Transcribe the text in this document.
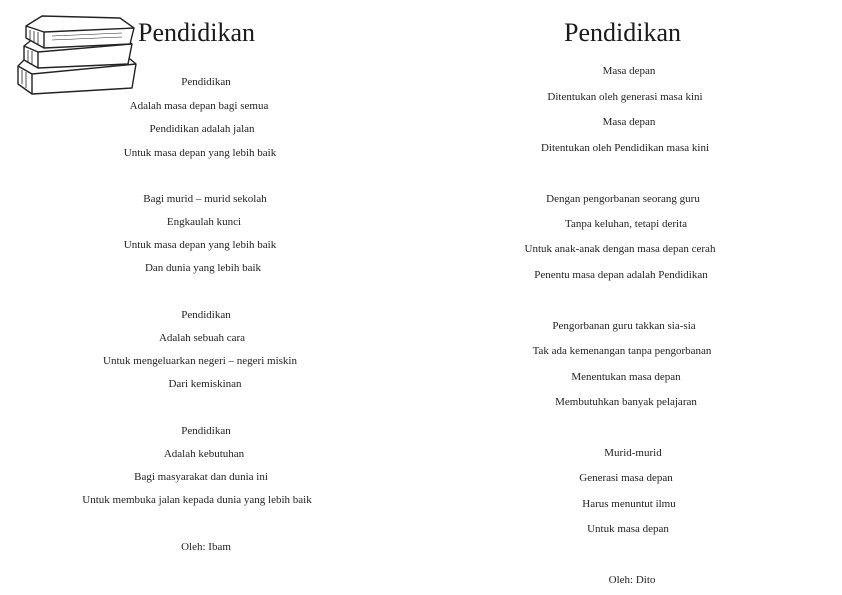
Pendidikan
Pendidikan
Adalah masa depan bagi semua
Pendidikan adalah jalan
Untuk masa depan yang lebih baik
Bagi murid – murid sekolah
Engkaulah kunci
Untuk masa depan yang lebih baik
Dan dunia yang lebih baik
Pendidikan
Adalah sebuah cara
Untuk mengeluarkan negeri – negeri miskin
Dari kemiskinan
Pendidikan
Adalah kebutuhan
Bagi masyarakat dan dunia ini
Untuk membuka jalan kepada dunia yang lebih baik
Oleh: Ibam
Pendidikan
Masa depan
Ditentukan oleh generasi masa kini
Masa depan
Ditentukan oleh Pendidikan masa kini
Dengan pengorbanan seorang guru
Tanpa keluhan, tetapi derita
Untuk anak-anak dengan masa depan cerah
Penentu masa depan adalah Pendidikan
Pengorbanan guru takkan sia-sia
Tak ada kemenangan tanpa pengorbanan
Menentukan masa depan
Membutuhkan banyak pelajaran
Murid-murid
Generasi masa depan
Harus menuntut ilmu
Untuk masa depan
Oleh: Dito
